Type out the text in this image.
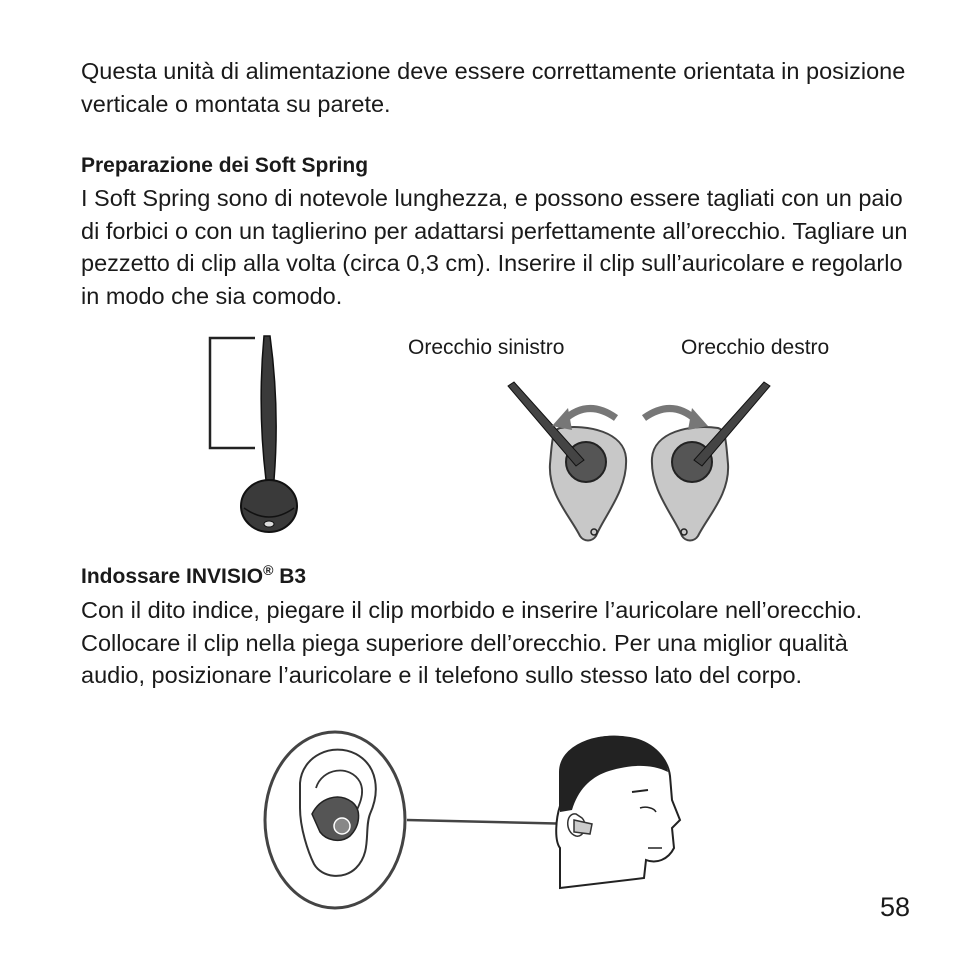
Questa unità di alimentazione deve essere correttamente orientata in posizione verticale o montata su parete.

Preparazione dei Soft Spring

I Soft Spring sono di notevole lunghezza, e possono essere tagliati con un paio di forbici o con un taglierino per adattarsi perfettamente all’orecchio. Tagliare un pezzetto di clip alla volta (circa 0,3 cm). Inserire il clip sull’auricolare e regolarlo in modo che sia comodo.

Orecchio sinistro	Orecchio destro
Indossare INVISIO® B3

Con il dito indice, piegare il clip morbido e inserire l’auricolare nell’orecchio. Collocare il clip nella piega superiore dell’orecchio. Per una miglior qualità audio, posizionare l’auricolare e il telefono sullo stesso lato del corpo.

58
